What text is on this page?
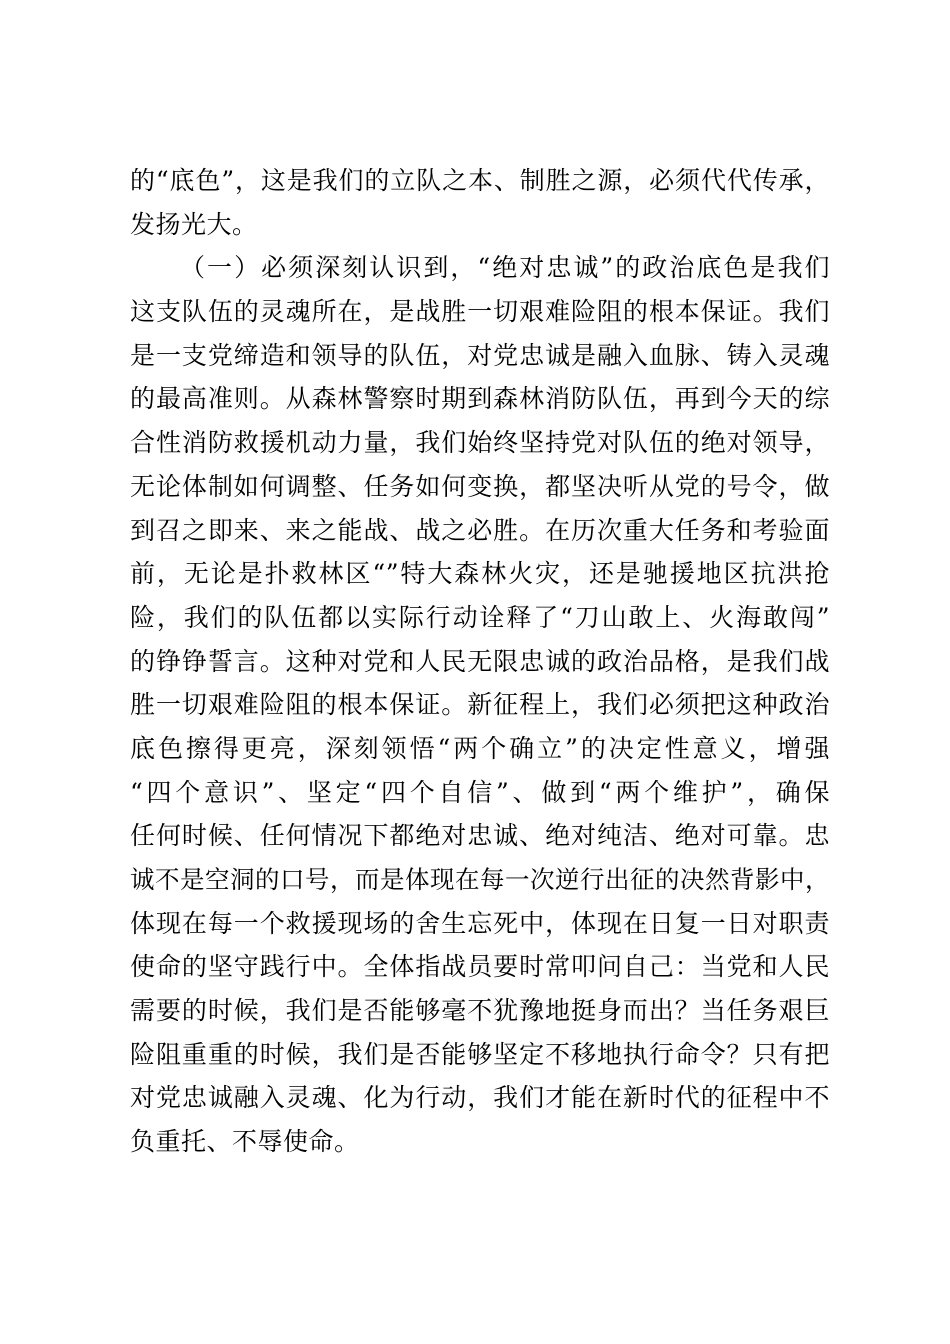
的“底色”，这是我们的立队之本、制胜之源，必须代代传承，
发扬光大。
（一）必须深刻认识到，“绝对忠诚”的政治底色是我们
这支队伍的灵魂所在，是战胜一切艰难险阻的根本保证。我们
是一支党缔造和领导的队伍，对党忠诚是融入血脉、铸入灵魂
的最高准则。从森林警察时期到森林消防队伍，再到今天的综
合性消防救援机动力量，我们始终坚持党对队伍的绝对领导，
无论体制如何调整、任务如何变换，都坚决听从党的号令，做
到召之即来、来之能战、战之必胜。在历次重大任务和考验面
前，无论是扑救林区“”特大森林火灾，还是驰援地区抗洪抢
险，我们的队伍都以实际行动诠释了“刀山敢上、火海敢闯”
的铮铮誓言。这种对党和人民无限忠诚的政治品格，是我们战
胜一切艰难险阻的根本保证。新征程上，我们必须把这种政治
底色擦得更亮，深刻领悟“两个确立”的决定性意义，增强
“四个意识”、坚定“四个自信”、做到“两个维护”，确保
任何时候、任何情况下都绝对忠诚、绝对纯洁、绝对可靠。忠
诚不是空洞的口号，而是体现在每一次逆行出征的决然背影中，
体现在每一个救援现场的舍生忘死中，体现在日复一日对职责
使命的坚守践行中。全体指战员要时常叩问自己：当党和人民
需要的时候，我们是否能够毫不犹豫地挺身而出？当任务艰巨
险阻重重的时候，我们是否能够坚定不移地执行命令？只有把
对党忠诚融入灵魂、化为行动，我们才能在新时代的征程中不
负重托、不辱使命。
